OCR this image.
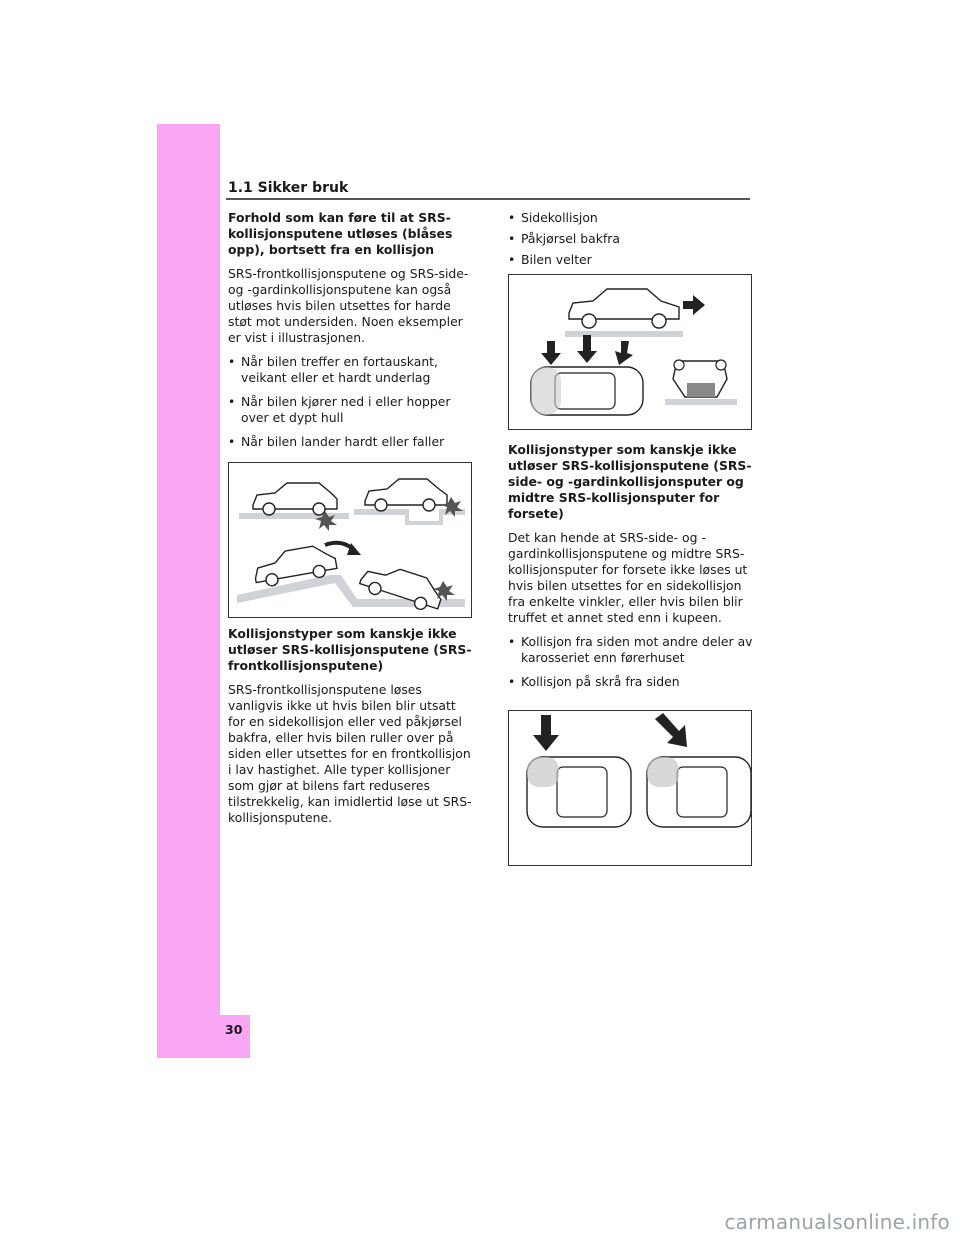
1.1 Sikker bruk
Forhold som kan føre til at SRS-kollisjonsputene utløses (blåses opp), bortsett fra en kollisjon
SRS-frontkollisjonsputene og SRS-side- og -gardinkollisjonsputene kan også utløses hvis bilen utsettes for harde støt mot undersiden. Noen eksempler er vist i illustrasjonen.
• Når bilen treffer en fortauskant, veikant eller et hardt underlag
• Når bilen kjører ned i eller hopper over et dypt hull
• Når bilen lander hardt eller faller
Kollisjonstyper som kanskje ikke utløser SRS-kollisjonsputene (SRS-frontkollisjonsputene)
SRS-frontkollisjonsputene løses vanligvis ikke ut hvis bilen blir utsatt for en sidekollisjon eller ved påkjørsel bakfra, eller hvis bilen ruller over på siden eller utsettes for en frontkollisjon i lav hastighet. Alle typer kollisjoner som gjør at bilens fart reduseres tilstrekkelig, kan imidlertid løse ut SRS-kollisjonsputene.
• Sidekollisjon
• Påkjørsel bakfra
• Bilen velter
Kollisjonstyper som kanskje ikke utløser SRS-kollisjonsputene (SRS-side- og -gardinkollisjonsputer og midtre SRS-kollisjonsputer for forsete)
Det kan hende at SRS-side- og -gardinkollisjonsputene og midtre SRS-kollisjonsputer for forsete ikke løses ut hvis bilen utsettes for en sidekollisjon fra enkelte vinkler, eller hvis bilen blir truffet et annet sted enn i kupeen.
• Kollisjon fra siden mot andre deler av karosseriet enn førerhuset
• Kollisjon på skrå fra siden
30
carmanualsonline.info
